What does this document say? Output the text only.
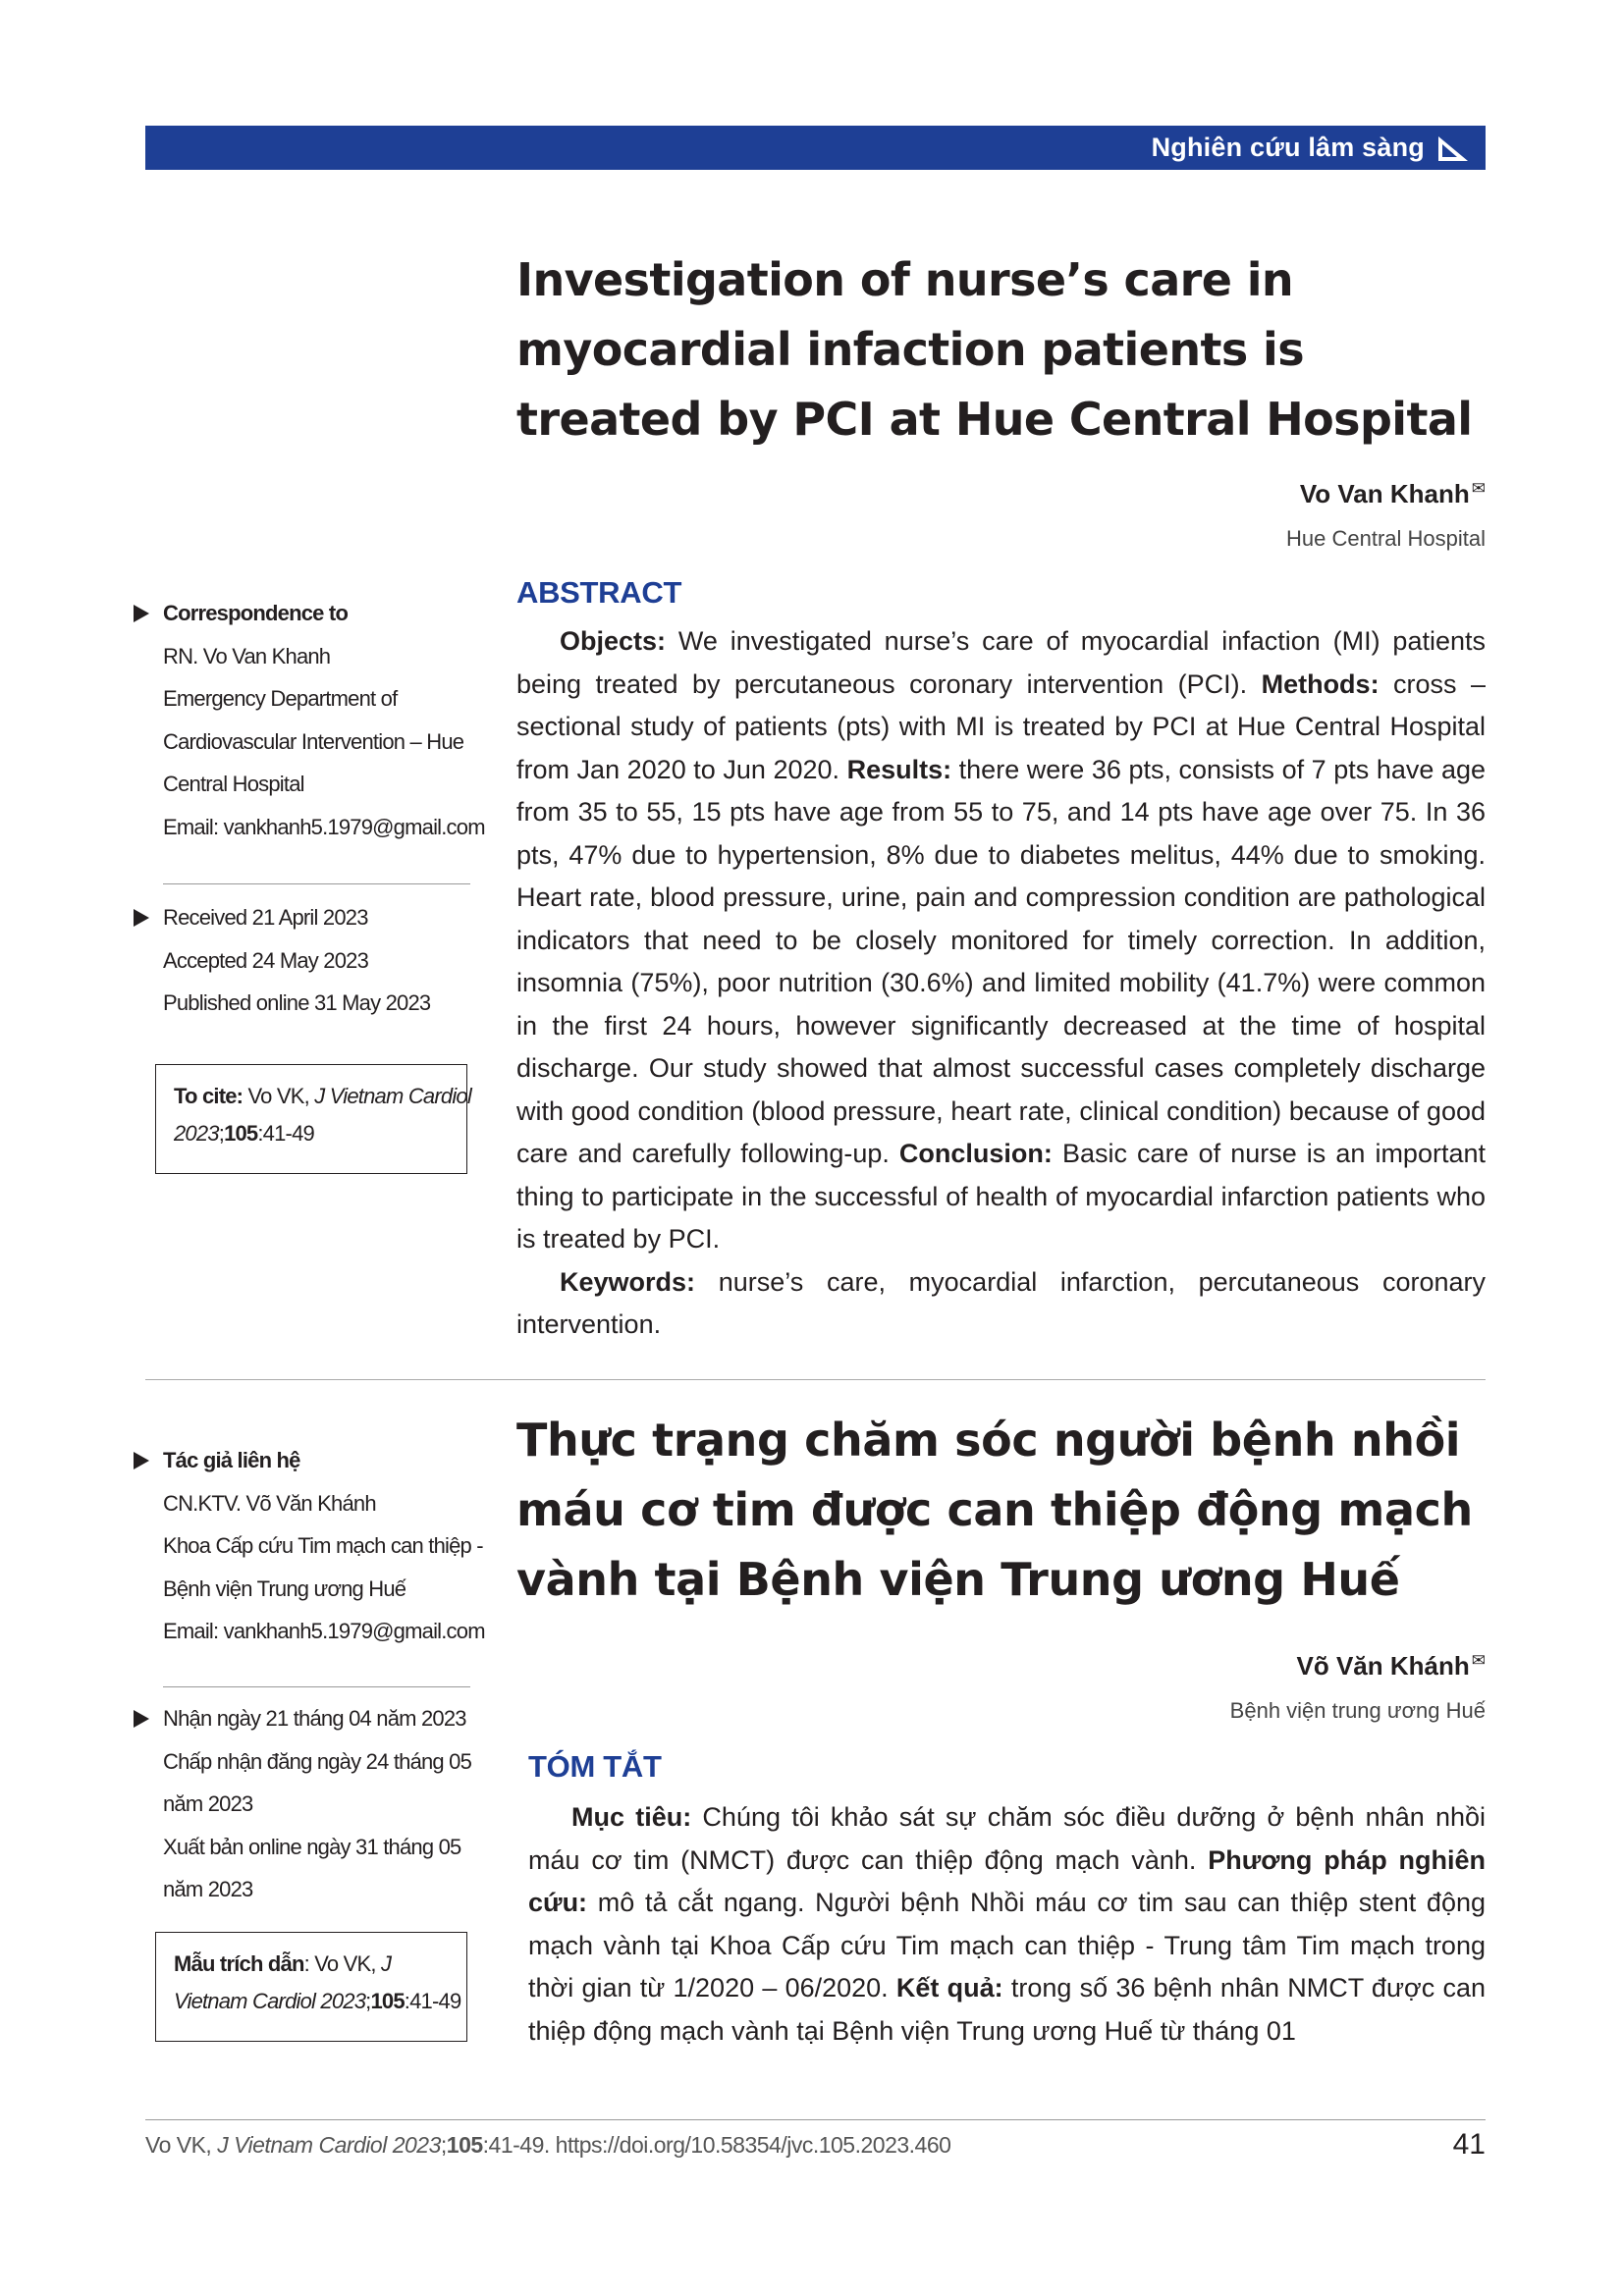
Nghiên cứu lâm sàng
Investigation of nurse’s care in myocardial infaction patients is treated by PCI at Hue Central Hospital
Vo Van Khanh ✉
Hue Central Hospital
ABSTRACT

Objects: We investigated nurse’s care of myocardial infaction (MI) patients being treated by percutaneous coronary intervention (PCI). Methods: cross – sectional study of patients (pts) with MI is treated by PCI at Hue Central Hospital from Jan 2020 to Jun 2020. Results: there were 36 pts, consists of 7 pts have age from 35 to 55, 15 pts have age from 55 to 75, and 14 pts have age over 75. In 36 pts, 47% due to hypertension, 8% due to diabetes melitus, 44% due to smoking. Heart rate, blood pressure, urine, pain and compression condition are pathological indicators that need to be closely monitored for timely correction. In addition, insomnia (75%), poor nutrition (30.6%) and limited mobility (41.7%) were common in the first 24 hours, however significantly decreased at the time of hospital discharge. Our study showed that almost successful cases completely discharge with good condition (blood pressure, heart rate, clinical condition) because of good care and carefully following-up. Conclusion: Basic care of nurse is an important thing to participate in the successful of health of myocardial infarction patients who is treated by PCI.

Keywords: nurse’s care, myocardial infarction, percutaneous coronary intervention.

Correspondence to
RN. Vo Van Khanh
Emergency Department of
Cardiovascular Intervention – Hue
Central Hospital
Email: vankhanh5.1979@gmail.com
Received 21 April 2023
Accepted 24 May 2023
Published online 31 May 2023
To cite: Vo VK, J Vietnam Cardiol
2023;105:41-49
Thực trạng chăm sóc người bệnh nhồi máu cơ tim được can thiệp động mạch vành tại Bệnh viện Trung ương Huế
Võ Văn Khánh ✉
Bệnh viện trung ương Huế
TÓM TẮT

Mục tiêu: Chúng tôi khảo sát sự chăm sóc điều dưỡng ở bệnh nhân nhồi máu cơ tim (NMCT) được can thiệp động mạch vành. Phương pháp nghiên cứu: mô tả cắt ngang. Người bệnh Nhồi máu cơ tim sau can thiệp stent động mạch vành tại Khoa Cấp cứu Tim mạch can thiệp - Trung tâm Tim mạch trong thời gian từ 1/2020 – 06/2020. Kết quả: trong số 36 bệnh nhân NMCT được can thiệp động mạch vành tại Bệnh viện Trung ương Huế từ tháng 01

Tác giả liên hệ
CN.KTV. Võ Văn Khánh
Khoa Cấp cứu Tim mạch can thiệp -
Bệnh viện Trung ương Huế
Email: vankhanh5.1979@gmail.com
Nhận ngày 21 tháng 04 năm 2023
Chấp nhận đăng ngày 24 tháng 05
năm 2023
Xuất bản online ngày 31 tháng 05
năm 2023
Mẫu trích dẫn: Vo VK, J
Vietnam Cardiol 2023;105:41-49
Vo VK, J Vietnam Cardiol 2023;105:41-49. https://doi.org/10.58354/jvc.105.2023.460	41
